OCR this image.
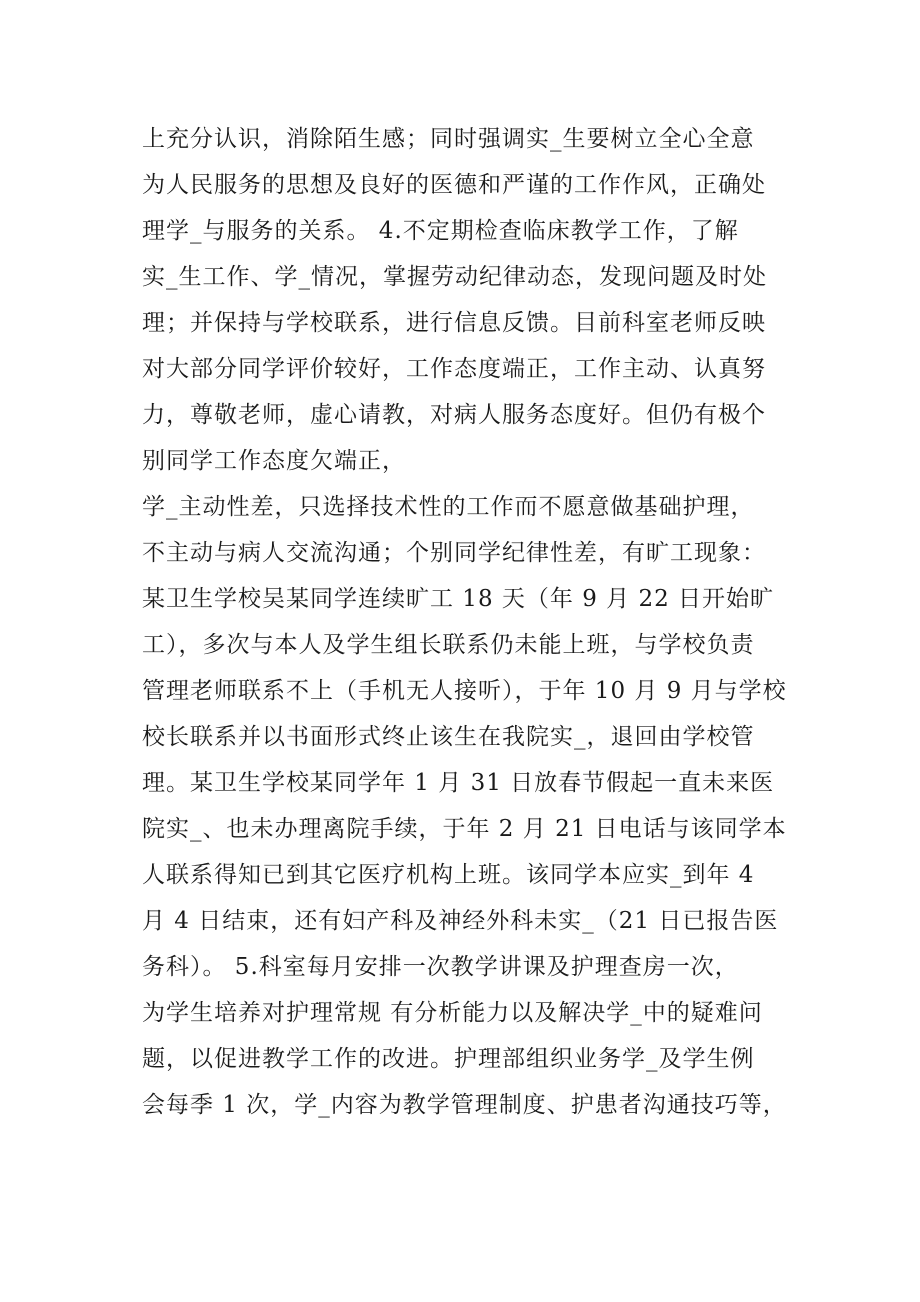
上充分认识，消除陌生感；同时强调实_生要树立全心全意
为人民服务的思想及良好的医德和严谨的工作作风，正确处
理学_与服务的关系。 4.不定期检查临床教学工作，了解
实_生工作、学_情况，掌握劳动纪律动态，发现问题及时处
理；并保持与学校联系，进行信息反馈。目前科室老师反映
对大部分同学评价较好，工作态度端正，工作主动、认真努
力，尊敬老师，虚心请教，对病人服务态度好。但仍有极个
别同学工作态度欠端正，
学_主动性差，只选择技术性的工作而不愿意做基础护理，
不主动与病人交流沟通；个别同学纪律性差，有旷工现象：
某卫生学校吴某同学连续旷工 18 天（年 9 月 22 日开始旷
工），多次与本人及学生组长联系仍未能上班，与学校负责
管理老师联系不上（手机无人接听），于年 10 月 9 月与学校
校长联系并以书面形式终止该生在我院实_，退回由学校管
理。某卫生学校某同学年 1 月 31 日放春节假起一直未来医
院实_、也未办理离院手续，于年 2 月 21 日电话与该同学本
人联系得知已到其它医疗机构上班。该同学本应实_到年 4
月 4 日结束，还有妇产科及神经外科未实_（21 日已报告医
务科）。 5.科室每月安排一次教学讲课及护理查房一次，
为学生培养对护理常规 有分析能力以及解决学_中的疑难问
题，以促进教学工作的改进。护理部组织业务学_及学生例
会每季 1 次，学_内容为教学管理制度、护患者沟通技巧等，
